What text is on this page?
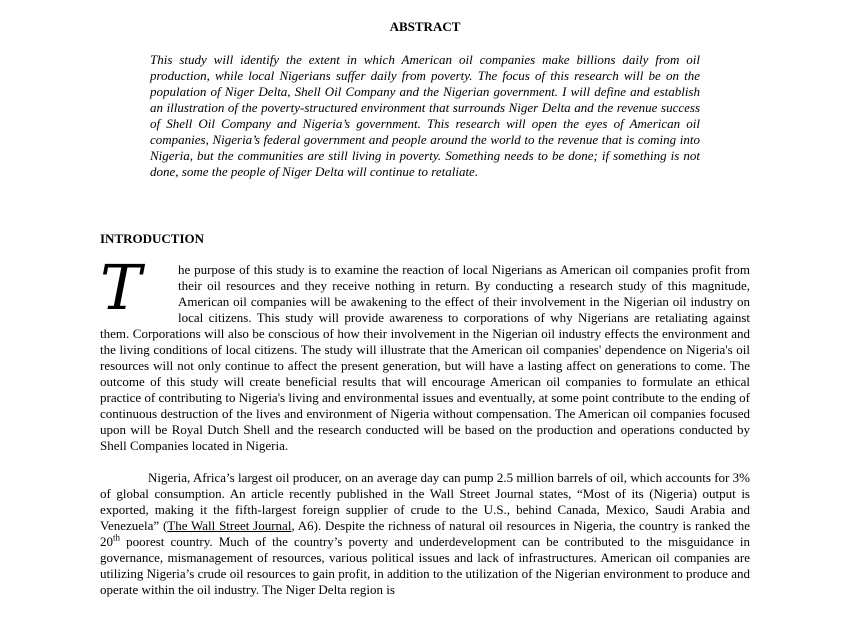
ABSTRACT
This study will identify the extent in which American oil companies make billions daily from oil production, while local Nigerians suffer daily from poverty. The focus of this research will be on the population of Niger Delta, Shell Oil Company and the Nigerian government. I will define and establish an illustration of the poverty-structured environment that surrounds Niger Delta and the revenue success of Shell Oil Company and Nigeria’s government. This research will open the eyes of American oil companies, Nigeria’s federal government and people around the world to the revenue that is coming into Nigeria, but the communities are still living in poverty. Something needs to be done; if something is not done, some the people of Niger Delta will continue to retaliate.
INTRODUCTION

T	he purpose of this study is to examine the reaction of local Nigerians as American oil companies profit from their oil resources and they receive nothing in return. By conducting a research study of this magnitude, American oil companies will be awakening to the effect of their involvement in the Nigerian oil industry on local citizens. This study will provide awareness to corporations of why Nigerians are retaliating against them. Corporations will also be conscious of how their involvement in the Nigerian oil industry effects the environment and the living conditions of local citizens. The study will illustrate that the American oil companies' dependence on Nigeria's oil resources will not only continue to affect the present generation, but will have a lasting affect on generations to come. The outcome of this study will create beneficial results that will encourage American oil companies to formulate an ethical practice of contributing to Nigeria's living and environmental issues and eventually, at some point contribute to the ending of continuous destruction of the lives and environment of Nigeria without compensation. The American oil companies focused upon will be Royal Dutch Shell and the research conducted will be based on the production and operations conducted by Shell Companies located in Nigeria.

Nigeria, Africa’s largest oil producer, on an average day can pump 2.5 million barrels of oil, which accounts for 3% of global consumption. An article recently published in the Wall Street Journal states, “Most of its (Nigeria) output is exported, making it the fifth-largest foreign supplier of crude to the U.S., behind Canada, Mexico, Saudi Arabia and Venezuela” (The Wall Street Journal, A6). Despite the richness of natural oil resources in Nigeria, the country is ranked the 20th poorest country. Much of the country’s poverty and underdevelopment can be contributed to the misguidance in governance, mismanagement of resources, various political issues and lack of infrastructures. American oil companies are utilizing Nigeria’s crude oil resources to gain profit, in addition to the utilization of the Nigerian environment to produce and operate within the oil industry. The Niger Delta region is
